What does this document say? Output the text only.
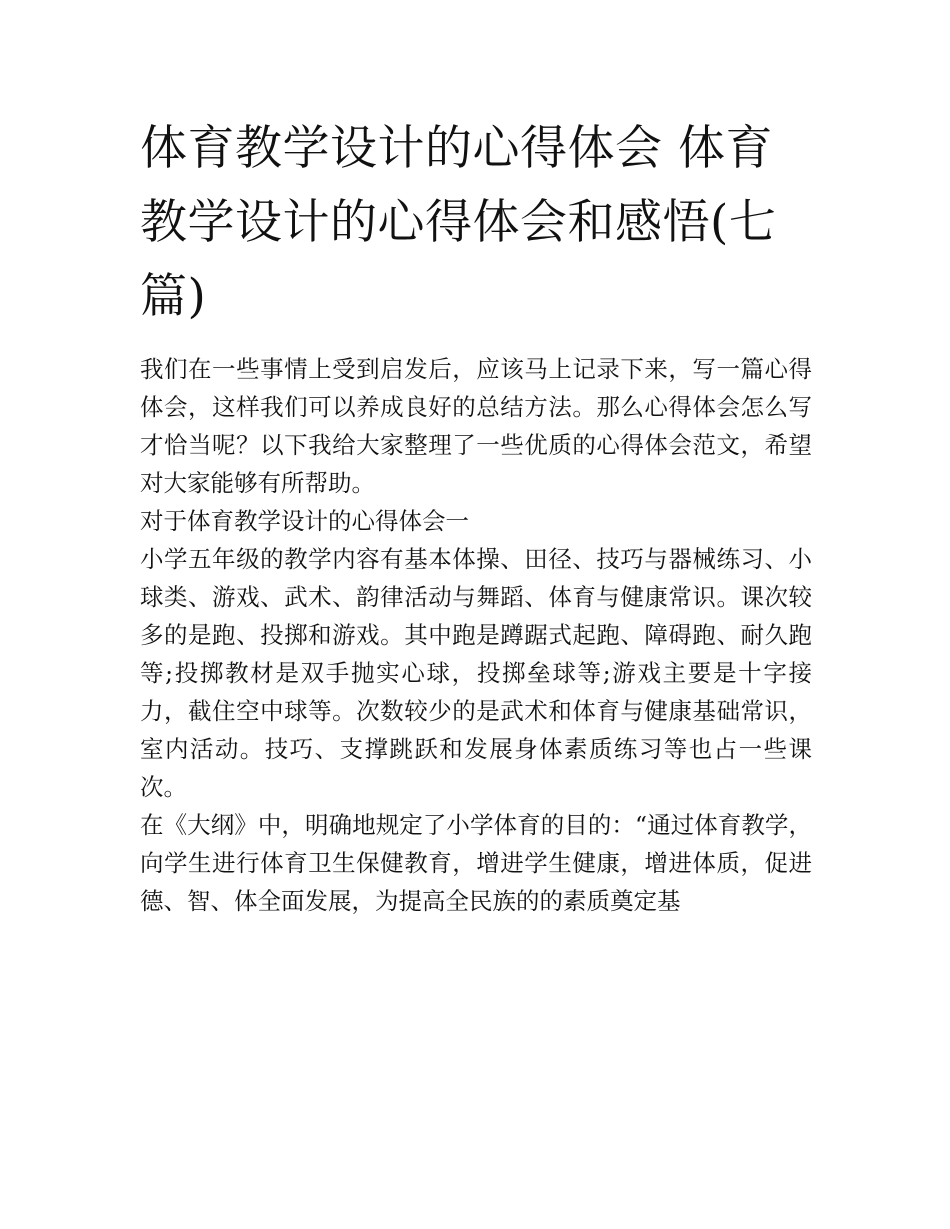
体育教学设计的心得体会 体育教学设计的心得体会和感悟(七篇)

我们在一些事情上受到启发后，应该马上记录下来，写一篇心得体会，这样我们可以养成良好的总结方法。那么心得体会怎么写才恰当呢？以下我给大家整理了一些优质的心得体会范文，希望对大家能够有所帮助。

对于体育教学设计的心得体会一

小学五年级的教学内容有基本体操、田径、技巧与器械练习、小球类、游戏、武术、韵律活动与舞蹈、体育与健康常识。课次较多的是跑、投掷和游戏。其中跑是蹲踞式起跑、障碍跑、耐久跑等;投掷教材是双手抛实心球，投掷垒球等;游戏主要是十字接力，截住空中球等。次数较少的是武术和体育与健康基础常识，室内活动。技巧、支撑跳跃和发展身体素质练习等也占一些课次。

在《大纲》中，明确地规定了小学体育的目的：“通过体育教学，向学生进行体育卫生保健教育，增进学生健康，增进体质，促进德、智、体全面发展，为提高全民族的的素质奠定基
